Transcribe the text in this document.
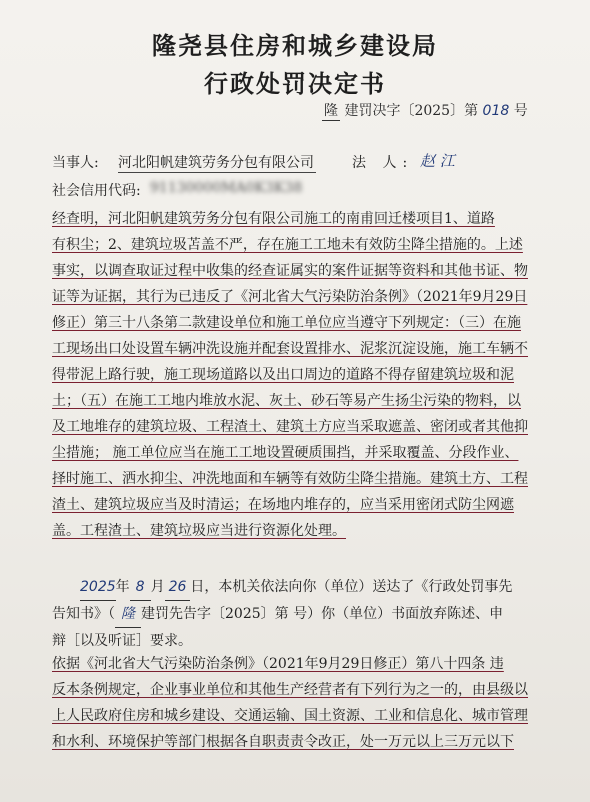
隆尧县住房和城乡建设局
行政处罚决定书
隆 建罚决字〔2025〕第 018 号
当事人: 河北阳帆建筑劳务分包有限公司	法 人: 赵 江
社会信用代码: 91130000MA0K3K38

经查明，河北阳帆建筑劳务分包有限公司施工的南甫回迁楼项目1、道路

有积尘；2、建筑垃圾苫盖不严，存在施工工地未有效防尘降尘措施的。上述

事实，以调查取证过程中收集的经查证属实的案件证据等资料和其他书证、物

证等为证据，其行为已违反了《河北省大气污染防治条例》（2021年9月29日

修正）第三十八条第二款建设单位和施工单位应当遵守下列规定：（三）在施

工现场出口处设置车辆冲洗设施并配套设置排水、泥浆沉淀设施，施工车辆不

得带泥上路行驶，施工现场道路以及出口周边的道路不得存留建筑垃圾和泥

土；（五）在施工工地内堆放水泥、灰土、砂石等易产生扬尘污染的物料，以

及工地堆存的建筑垃圾、工程渣土、建筑土方应当采取遮盖、密闭或者其他抑

尘措施； 施工单位应当在施工工地设置硬质围挡，并采取覆盖、分段作业、

择时施工、洒水抑尘、冲洗地面和车辆等有效防尘降尘措施。建筑土方、工程

渣土、建筑垃圾应当及时清运；在场地内堆存的，应当采用密闭式防尘网遮

盖。工程渣土、建筑垃圾应当进行资源化处理。

2025年 8 月 26 日，本机关依法向你（单位）送达了《行政处罚事先

告知书》（ 隆 建罚先告字〔2025〕第 号）你（单位）书面放弃陈述、申

辩［以及听证］要求。

依据《河北省大气污染防治条例》（2021年9月29日修正）第八十四条 违

反本条例规定，企业事业单位和其他生产经营者有下列行为之一的，由县级以

上人民政府住房和城乡建设、交通运输、国土资源、工业和信息化、城市管理

和水利、环境保护等部门根据各自职责责令改正，处一万元以上三万元以下
